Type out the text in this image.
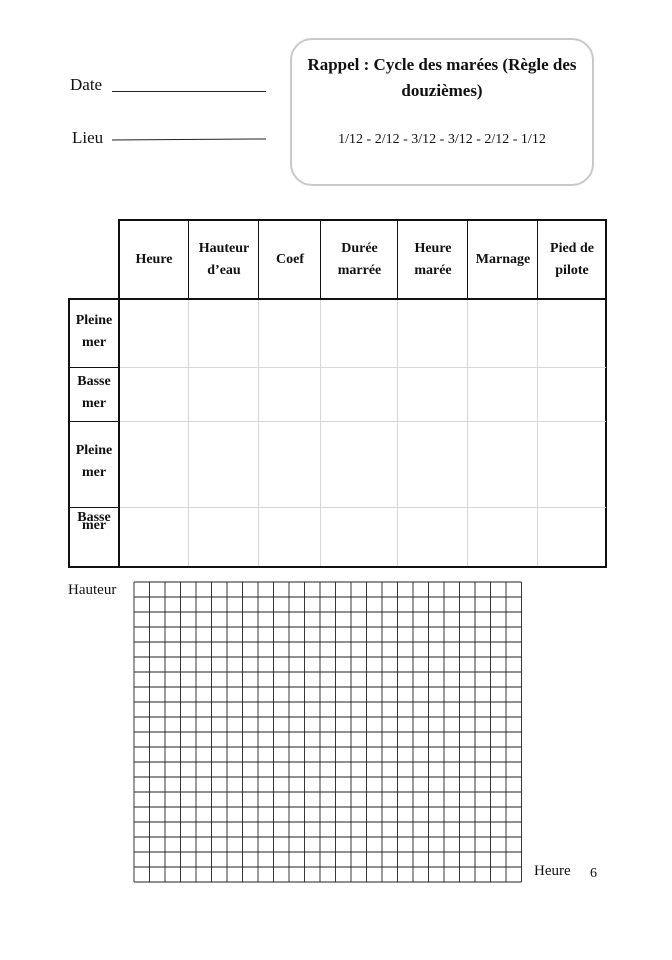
Date
Lieu
Rappel : Cycle des marées (Règle des douzièmes)
1/12 - 2/12 - 3/12 - 3/12 - 2/12 - 1/12
Heure
Hauteur d’eau
Coef
Durée marrée
Heure marée
Marnage
Pied de pilote
Pleine mer
Basse mer
Pleine mer
Basse mer
Hauteur
Heure 6
